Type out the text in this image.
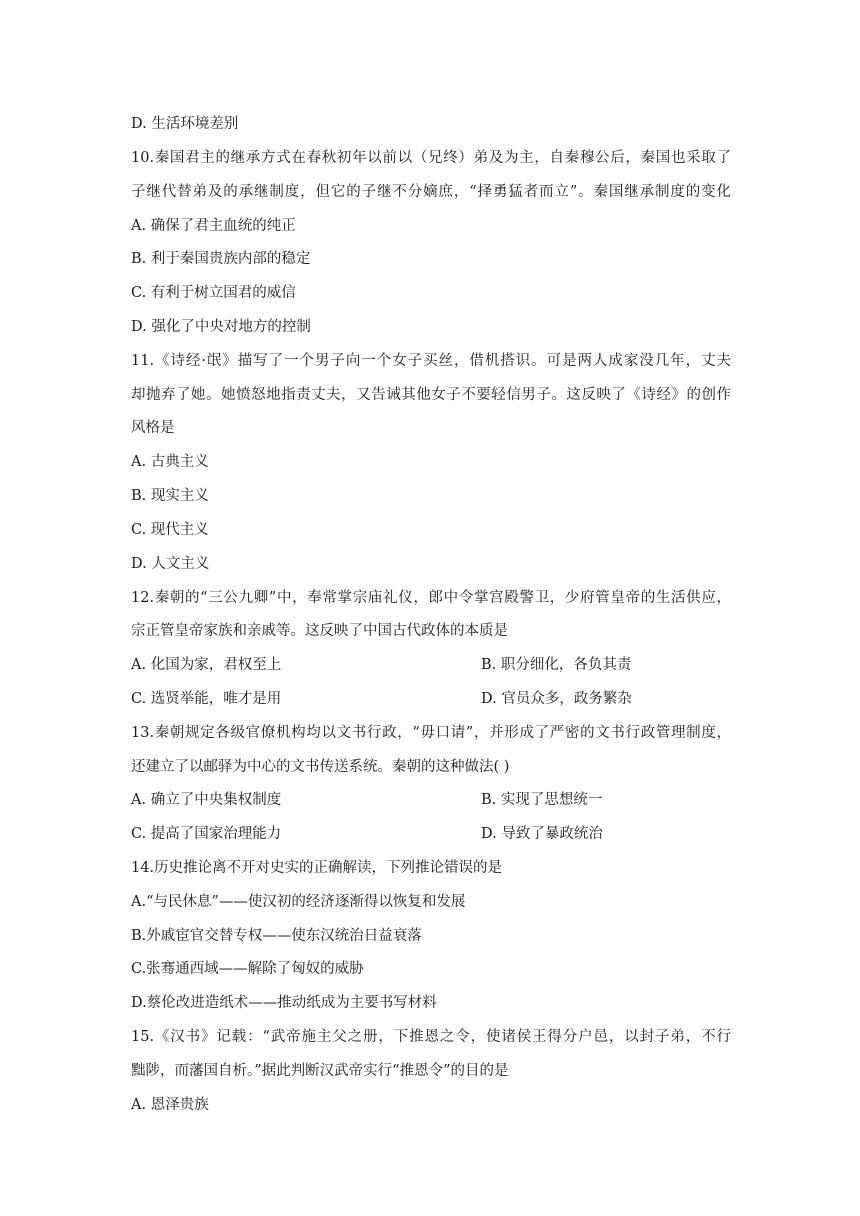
D. 生活环境差别
10.秦国君主的继承方式在春秋初年以前以（兄终）弟及为主，自秦穆公后，秦国也采取了
子继代替弟及的承继制度，但它的子继不分嫡庶，“择勇猛者而立”。秦国继承制度的变化
A. 确保了君主血统的纯正
B. 利于秦国贵族内部的稳定
C. 有利于树立国君的威信
D. 强化了中央对地方的控制
11.《诗经·氓》描写了一个男子向一个女子买丝，借机搭识。可是两人成家没几年，丈夫
却抛弃了她。她愤怒地指责丈夫，又告诫其他女子不要轻信男子。这反映了《诗经》的创作
风格是
A. 古典主义
B. 现实主义
C. 现代主义
D. 人文主义
12.秦朝的“三公九卿”中，奉常掌宗庙礼仪，郎中令掌宫殿警卫，少府管皇帝的生活供应，
宗正管皇帝家族和亲戚等。这反映了中国古代政体的本质是
A. 化国为家，君权至上	B. 职分细化，各负其责
C. 选贤举能，唯才是用	D. 官员众多，政务繁杂
13.秦朝规定各级官僚机构均以文书行政，“毋口请”，并形成了严密的文书行政管理制度，
还建立了以邮驿为中心的文书传送系统。秦朝的这种做法( )
A. 确立了中央集权制度	B. 实现了思想统一
C. 提高了国家治理能力	D. 导致了暴政统治
14.历史推论离不开对史实的正确解读，下列推论错误的是
A.“与民休息”——使汉初的经济逐渐得以恢复和发展
B.外戚宦官交替专权——使东汉统治日益衰落
C.张骞通西域——解除了匈奴的威胁
D.蔡伦改进造纸术——推动纸成为主要书写材料
15.《汉书》记载：“武帝施主父之册，下推恩之令，使诸侯王得分户邑，以封子弟，不行
黜陟，而藩国自析。”据此判断汉武帝实行“推恩令”的目的是
A. 恩泽贵族
